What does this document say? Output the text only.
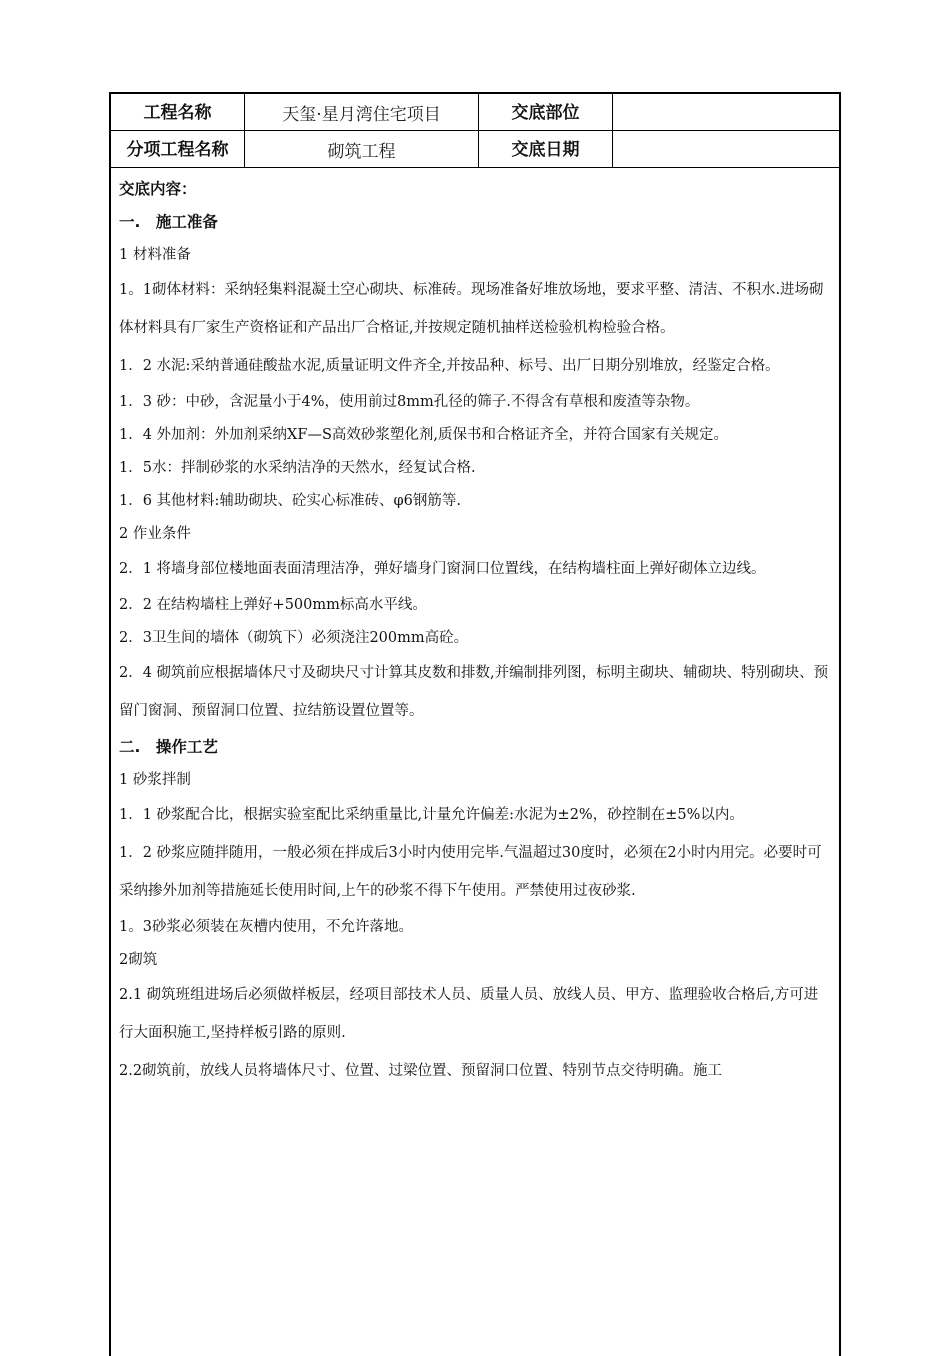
工程名称	天玺·星月湾住宅项目	交底部位
分项工程名称	砌筑工程	交底日期

交底内容：

一.　施工准备

1 材料准备

1。1砌体材料：采纳轻集料混凝土空心砌块、标准砖。现场准备好堆放场地，要求平整、清洁、不积水.进场砌体材料具有厂家生产资格证和产品出厂合格证,并按规定随机抽样送检验机构检验合格。

1．2 水泥:采纳普通硅酸盐水泥,质量证明文件齐全,并按品种、标号、出厂日期分别堆放，经鉴定合格。

1．3 砂：中砂，含泥量小于4%，使用前过8mm孔径的筛子.不得含有草根和废渣等杂物。

1．4 外加剂：外加剂采纳XF—S高效砂浆塑化剂,质保书和合格证齐全，并符合国家有关规定。

1．5水：拌制砂浆的水采纳洁净的天然水，经复试合格.

1．6 其他材料:辅助砌块、砼实心标准砖、φ6钢筋等.

2 作业条件

2．1 将墙身部位楼地面表面清理洁净，弹好墙身门窗洞口位置线，在结构墙柱面上弹好砌体立边线。

2．2 在结构墙柱上弹好+500mm标高水平线。

2．3卫生间的墙体（砌筑下）必须浇注200mm高砼。

2．4 砌筑前应根据墙体尺寸及砌块尺寸计算其皮数和排数,并编制排列图，标明主砌块、辅砌块、特别砌块、预留门窗洞、预留洞口位置、拉结筋设置位置等。

二.　操作工艺

1 砂浆拌制

1．1 砂浆配合比，根据实验室配比采纳重量比,计量允许偏差:水泥为±2%，砂控制在±5%以内。

1．2 砂浆应随拌随用，一般必须在拌成后3小时内使用完毕.气温超过30度时，必须在2小时内用完。必要时可采纳掺外加剂等措施延长使用时间,上午的砂浆不得下午使用。严禁使用过夜砂浆.

1。3砂浆必须装在灰槽内使用，不允许落地。

2砌筑

2.1 砌筑班组进场后必须做样板层，经项目部技术人员、质量人员、放线人员、甲方、监理验收合格后,方可进行大面积施工,坚持样板引路的原则.

2.2砌筑前，放线人员将墙体尺寸、位置、过梁位置、预留洞口位置、特别节点交待明确。施工
